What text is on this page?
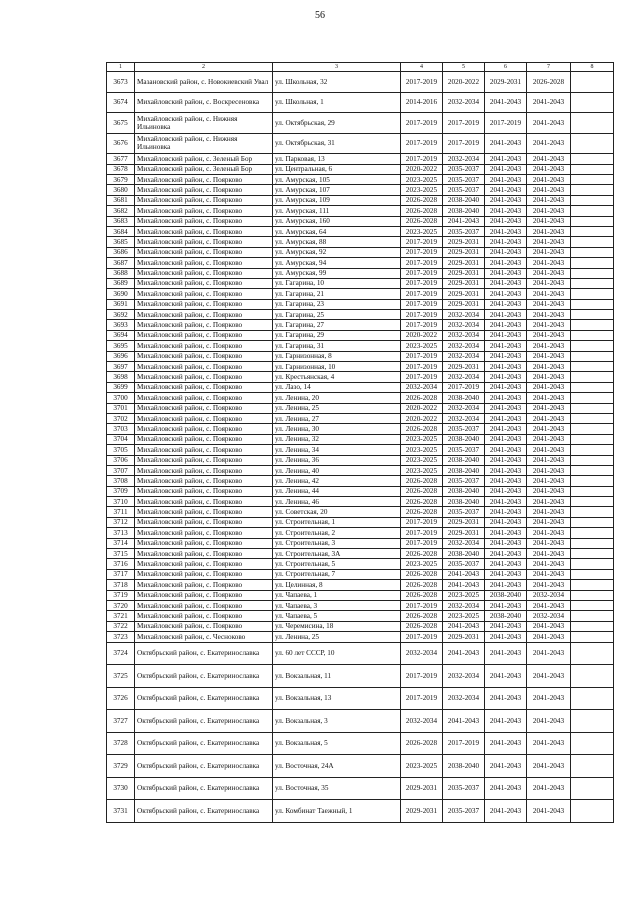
56
1	2	3	4	5	6	7	8
3673	Мазановский район, с. Новокиевский Увал	ул. Школьная, 32	2017-2019	2020-2022	2029-2031	2026-2028	
3674	Михайловский район, с. Воскресеновка	ул. Школьная, 1	2014-2016	2032-2034	2041-2043	2041-2043	
3675	Михайловский район, с. Нижняя Ильиновка	ул. Октябрьская, 29	2017-2019	2017-2019	2017-2019	2041-2043	
3676	Михайловский район, с. Нижняя Ильиновка	ул. Октябрьская, 31	2017-2019	2017-2019	2041-2043	2041-2043	
3677	Михайловский район, с. Зеленый Бор	ул. Парковая, 13	2017-2019	2032-2034	2041-2043	2041-2043	
3678	Михайловский район, с. Зеленый Бор	ул. Центральная, 6	2020-2022	2035-2037	2041-2043	2041-2043	
3679	Михайловский район, с. Поярково	ул. Амурская, 105	2023-2025	2035-2037	2041-2043	2041-2043	
3680	Михайловский район, с. Поярково	ул. Амурская, 107	2023-2025	2035-2037	2041-2043	2041-2043	
3681	Михайловский район, с. Поярково	ул. Амурская, 109	2026-2028	2038-2040	2041-2043	2041-2043	
3682	Михайловский район, с. Поярково	ул. Амурская, 111	2026-2028	2038-2040	2041-2043	2041-2043	
3683	Михайловский район, с. Поярково	ул. Амурская, 160	2026-2028	2041-2043	2041-2043	2041-2043	
3684	Михайловский район, с. Поярково	ул. Амурская, 64	2023-2025	2035-2037	2041-2043	2041-2043	
3685	Михайловский район, с. Поярково	ул. Амурская, 88	2017-2019	2029-2031	2041-2043	2041-2043	
3686	Михайловский район, с. Поярково	ул. Амурская, 92	2017-2019	2029-2031	2041-2043	2041-2043	
3687	Михайловский район, с. Поярково	ул. Амурская, 94	2017-2019	2029-2031	2041-2043	2041-2043	
3688	Михайловский район, с. Поярково	ул. Амурская, 99	2017-2019	2029-2031	2041-2043	2041-2043	
3689	Михайловский район, с. Поярково	ул. Гагарина, 10	2017-2019	2029-2031	2041-2043	2041-2043	
3690	Михайловский район, с. Поярково	ул. Гагарина, 21	2017-2019	2029-2031	2041-2043	2041-2043	
3691	Михайловский район, с. Поярково	ул. Гагарина, 23	2017-2019	2029-2031	2041-2043	2041-2043	
3692	Михайловский район, с. Поярково	ул. Гагарина, 25	2017-2019	2032-2034	2041-2043	2041-2043	
3693	Михайловский район, с. Поярково	ул. Гагарина, 27	2017-2019	2032-2034	2041-2043	2041-2043	
3694	Михайловский район, с. Поярково	ул. Гагарина, 29	2020-2022	2032-2034	2041-2043	2041-2043	
3695	Михайловский район, с. Поярково	ул. Гагарина, 31	2023-2025	2032-2034	2041-2043	2041-2043	
3696	Михайловский район, с. Поярково	ул. Гарнизонная, 8	2017-2019	2032-2034	2041-2043	2041-2043	
3697	Михайловский район, с. Поярково	ул. Гарнизонная, 10	2017-2019	2029-2031	2041-2043	2041-2043	
3698	Михайловский район, с. Поярково	ул. Крестьянская, 4	2017-2019	2032-2034	2041-2043	2041-2043	
3699	Михайловский район, с. Поярково	ул. Лазо, 14	2032-2034	2017-2019	2041-2043	2041-2043	
3700	Михайловский район, с. Поярково	ул. Ленина, 20	2026-2028	2038-2040	2041-2043	2041-2043	
3701	Михайловский район, с. Поярково	ул. Ленина, 25	2020-2022	2032-2034	2041-2043	2041-2043	
3702	Михайловский район, с. Поярково	ул. Ленина, 27	2020-2022	2032-2034	2041-2043	2041-2043	
3703	Михайловский район, с. Поярково	ул. Ленина, 30	2026-2028	2035-2037	2041-2043	2041-2043	
3704	Михайловский район, с. Поярково	ул. Ленина, 32	2023-2025	2038-2040	2041-2043	2041-2043	
3705	Михайловский район, с. Поярково	ул. Ленина, 34	2023-2025	2035-2037	2041-2043	2041-2043	
3706	Михайловский район, с. Поярково	ул. Ленина, 36	2023-2025	2038-2040	2041-2043	2041-2043	
3707	Михайловский район, с. Поярково	ул. Ленина, 40	2023-2025	2038-2040	2041-2043	2041-2043	
3708	Михайловский район, с. Поярково	ул. Ленина, 42	2026-2028	2035-2037	2041-2043	2041-2043	
3709	Михайловский район, с. Поярково	ул. Ленина, 44	2026-2028	2038-2040	2041-2043	2041-2043	
3710	Михайловский район, с. Поярково	ул. Ленина, 46	2026-2028	2038-2040	2041-2043	2041-2043	
3711	Михайловский район, с. Поярково	ул. Советская, 20	2026-2028	2035-2037	2041-2043	2041-2043	
3712	Михайловский район, с. Поярково	ул. Строительная, 1	2017-2019	2029-2031	2041-2043	2041-2043	
3713	Михайловский район, с. Поярково	ул. Строительная, 2	2017-2019	2029-2031	2041-2043	2041-2043	
3714	Михайловский район, с. Поярково	ул. Строительная, 3	2017-2019	2032-2034	2041-2043	2041-2043	
3715	Михайловский район, с. Поярково	ул. Строительная, 3А	2026-2028	2038-2040	2041-2043	2041-2043	
3716	Михайловский район, с. Поярково	ул. Строительная, 5	2023-2025	2035-2037	2041-2043	2041-2043	
3717	Михайловский район, с. Поярково	ул. Строительная, 7	2026-2028	2041-2043	2041-2043	2041-2043	
3718	Михайловский район, с. Поярково	ул. Целинная, 8	2026-2028	2041-2043	2041-2043	2041-2043	
3719	Михайловский район, с. Поярково	ул. Чапаева, 1	2026-2028	2023-2025	2038-2040	2032-2034	
3720	Михайловский район, с. Поярково	ул. Чапаева, 3	2017-2019	2032-2034	2041-2043	2041-2043	
3721	Михайловский район, с. Поярково	ул. Чапаева, 5	2026-2028	2023-2025	2038-2040	2032-2034	
3722	Михайловский район, с. Поярково	ул. Черемисина, 18	2026-2028	2041-2043	2041-2043	2041-2043	
3723	Михайловский район, с. Чесноково	ул. Ленина, 25	2017-2019	2029-2031	2041-2043	2041-2043	
3724	Октябрьский район, с. Екатеринославка	ул. 60 лет СССР, 10	2032-2034	2041-2043	2041-2043	2041-2043	
3725	Октябрьский район, с. Екатеринославка	ул. Вокзальная, 11	2017-2019	2032-2034	2041-2043	2041-2043	
3726	Октябрьский район, с. Екатеринославка	ул. Вокзальная, 13	2017-2019	2032-2034	2041-2043	2041-2043	
3727	Октябрьский район, с. Екатеринославка	ул. Вокзальная, 3	2032-2034	2041-2043	2041-2043	2041-2043	
3728	Октябрьский район, с. Екатеринославка	ул. Вокзальная, 5	2026-2028	2017-2019	2041-2043	2041-2043	
3729	Октябрьский район, с. Екатеринославка	ул. Восточная, 24А	2023-2025	2038-2040	2041-2043	2041-2043	
3730	Октябрьский район, с. Екатеринославка	ул. Восточная, 35	2029-2031	2035-2037	2041-2043	2041-2043	
3731	Октябрьский район, с. Екатеринославка	ул. Комбинат Таежный, 1	2029-2031	2035-2037	2041-2043	2041-2043	
